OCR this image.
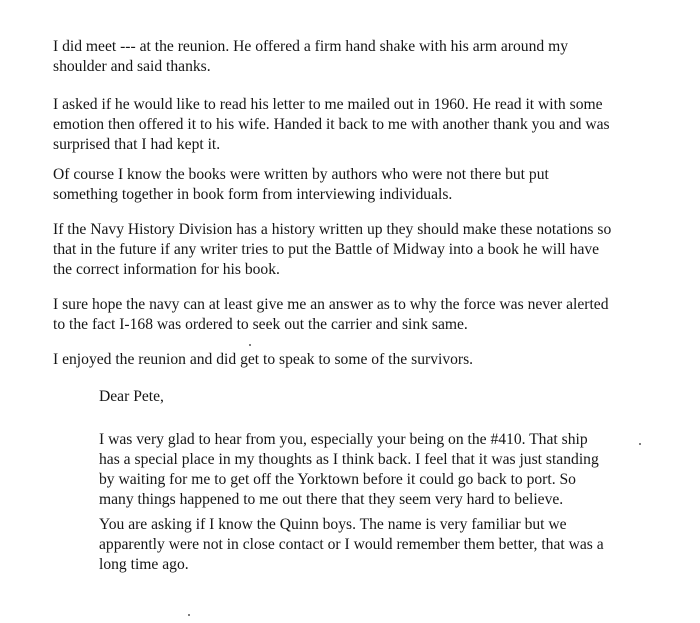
I did meet --- at the reunion. He offered a firm hand shake with his arm around my
shoulder and said thanks.

I asked if he would like to read his letter to me mailed out in 1960. He read it with some
emotion then offered it to his wife. Handed it back to me with another thank you and was
surprised that I had kept it.

Of course I know the books were written by authors who were not there but put
something together in book form from interviewing individuals.

If the Navy History Division has a history written up they should make these notations so
that in the future if any writer tries to put the Battle of Midway into a book he will have
the correct information for his book.

I sure hope the navy can at least give me an answer as to why the force was never alerted
to the fact I-168 was ordered to seek out the carrier and sink same.

I enjoyed the reunion and did get to speak to some of the survivors.

Dear Pete,

I was very glad to hear from you, especially your being on the #410. That ship
has a special place in my thoughts as I think back. I feel that it was just standing
by waiting for me to get off the Yorktown before it could go back to port. So
many things happened to me out there that they seem very hard to believe.

You are asking if I know the Quinn boys. The name is very familiar but we
apparently were not in close contact or I would remember them better, that was a
long time ago.
